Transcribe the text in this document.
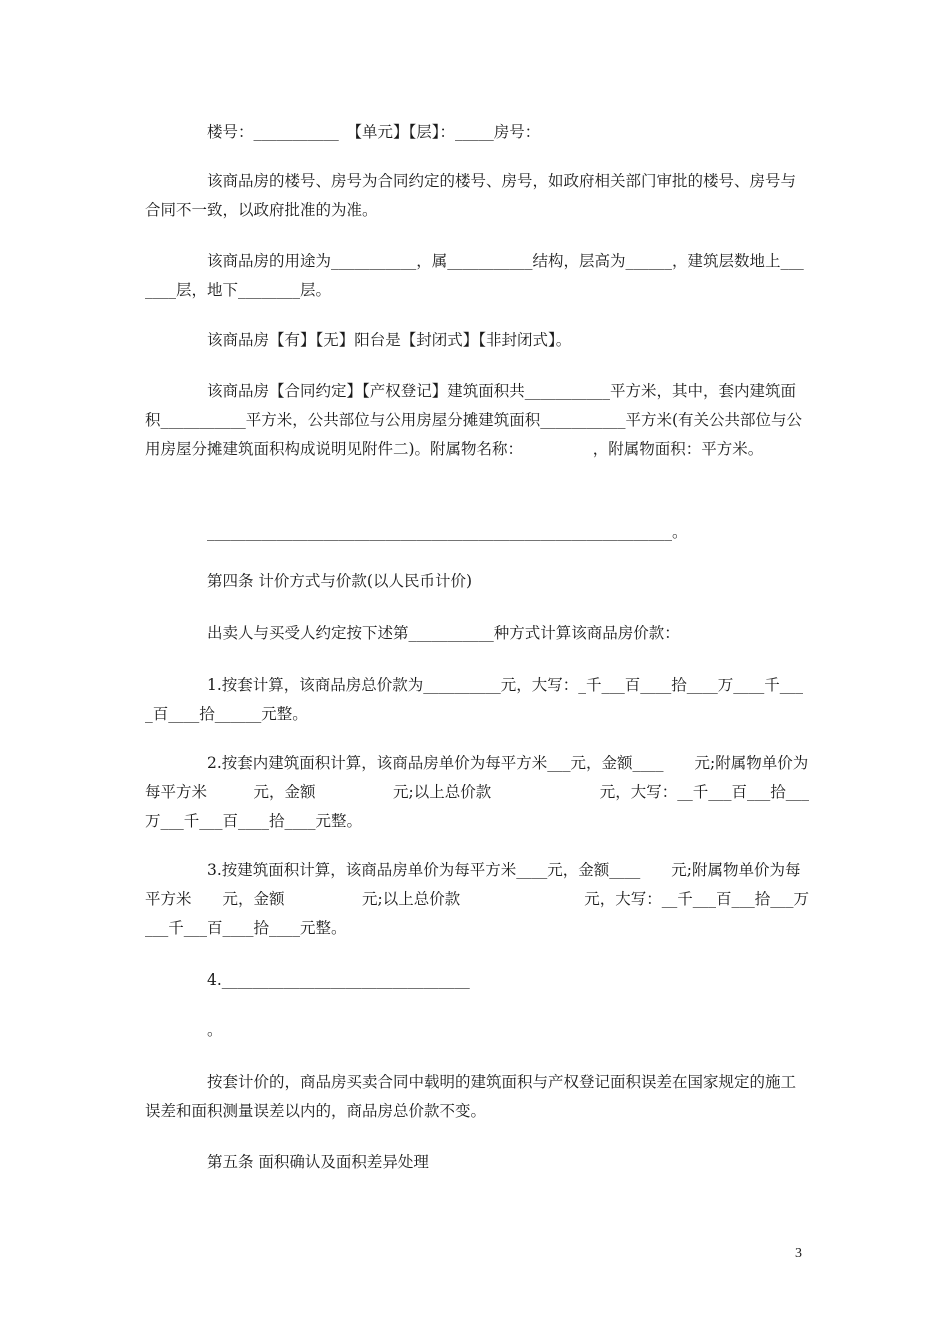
楼号：___________　【单元】【层】：_____房号：

该商品房的楼号、房号为合同约定的楼号、房号，如政府相关部门审批的楼号、房号与合同不一致，以政府批准的为准。

该商品房的用途为___________，属___________结构，层高为______，建筑层数地上_______层，地下________层。

该商品房【有】【无】阳台是【封闭式】【非封闭式】。

该商品房【合同约定】【产权登记】建筑面积共___________平方米，其中，套内建筑面积___________平方米，公共部位与公用房屋分摊建筑面积___________平方米(有关公共部位与公用房屋分摊建筑面积构成说明见附件二)。附属物名称：　　　　　，附属物面积：平方米。

____________________________________________________________。

第四条 计价方式与价款(以人民币计价)

出卖人与买受人约定按下述第___________种方式计算该商品房价款：

1.按套计算，该商品房总价款为__________元，大写：_千___百____拾____万____千____百____拾______元整。

2.按套内建筑面积计算，该商品房单价为每平方米___元，金额____　　元;附属物单价为每平方米　　　元，金额　　　　　元;以上总价款　　　　　　　元，大写：__千___百___拾___万___千___百____拾____元整。

3.按建筑面积计算，该商品房单价为每平方米____元，金额____　　元;附属物单价为每平方米　　元，金额　　　　　元;以上总价款　　　　　　　　元，大写：__千___百___拾___万___千___百____拾____元整。

4.________________________________

。

按套计价的，商品房买卖合同中载明的建筑面积与产权登记面积误差在国家规定的施工误差和面积测量误差以内的，商品房总价款不变。

第五条 面积确认及面积差异处理

3
